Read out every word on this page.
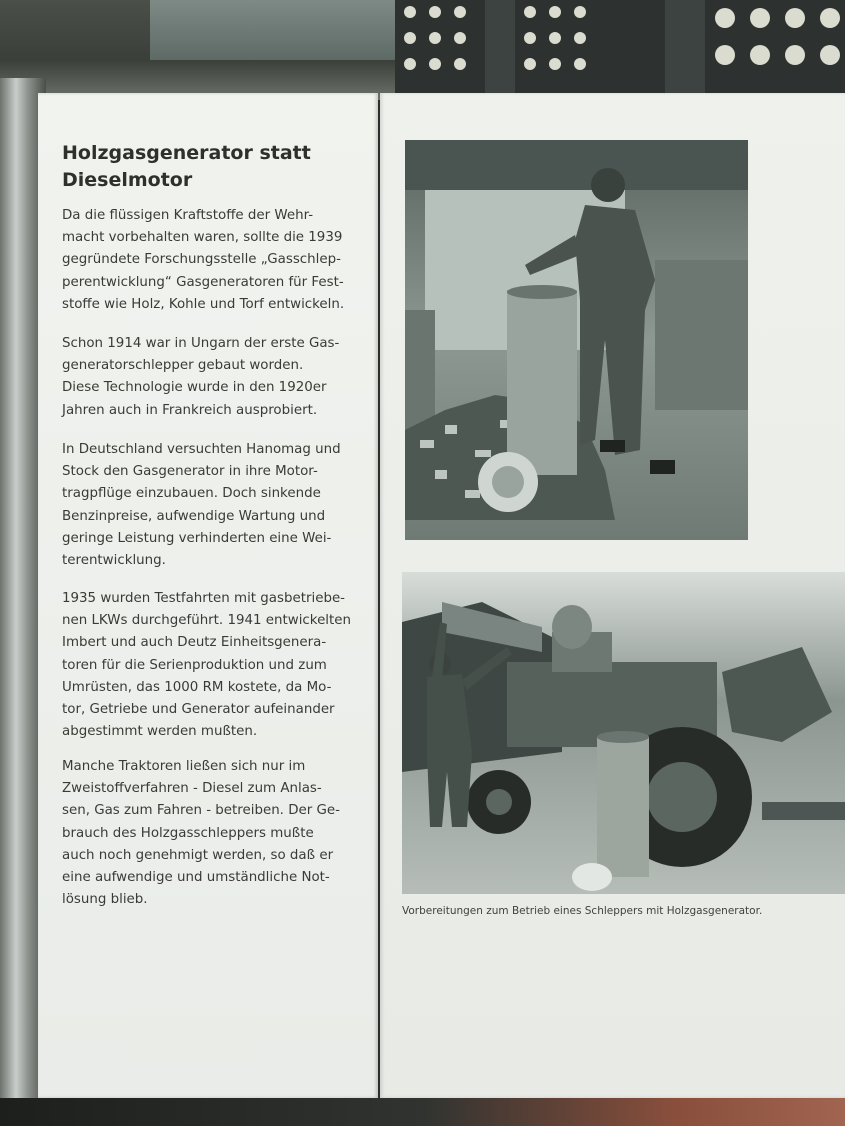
Holzgasgenerator statt
Dieselmotor
Da die flüssigen Kraftstoffe der Wehr-
macht vorbehalten waren, sollte die 1939
gegründete Forschungsstelle „Gasschlep-
perentwicklung“ Gasgeneratoren für Fest-
stoffe wie Holz, Kohle und Torf entwickeln.
Schon 1914 war in Ungarn der erste Gas-
generatorschlepper gebaut worden.
Diese Technologie wurde in den 1920er
Jahren auch in Frankreich ausprobiert.
In Deutschland versuchten Hanomag und
Stock den Gasgenerator in ihre Motor-
tragpflüge einzubauen. Doch sinkende
Benzinpreise, aufwendige Wartung und
geringe Leistung verhinderten eine Wei-
terentwicklung.
1935 wurden Testfahrten mit gasbetriebe-
nen LKWs durchgeführt. 1941 entwickelten
Imbert und auch Deutz Einheitsgenera-
toren für die Serienproduktion und zum
Umrüsten, das 1000 RM kostete, da Mo-
tor, Getriebe und Generator aufeinander
abgestimmt werden mußten.
Manche Traktoren ließen sich nur im
Zweistoffverfahren - Diesel zum Anlas-
sen, Gas zum Fahren - betreiben. Der Ge-
brauch des Holzgasschleppers mußte
auch noch genehmigt werden, so daß er
eine aufwendige und umständliche Not-
lösung blieb.
Vorbereitungen zum Betrieb eines Schleppers mit Holzgasgenerator.
